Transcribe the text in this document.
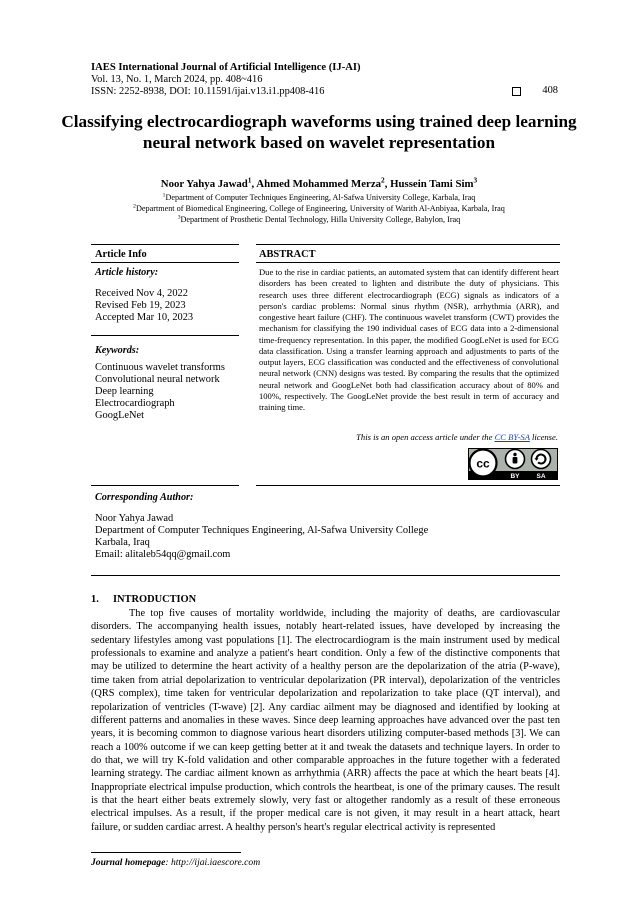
IAES International Journal of Artificial Intelligence (IJ-AI)
Vol. 13, No. 1, March 2024, pp. 408~416
ISSN: 2252-8938, DOI: 10.11591/ijai.v13.i1.pp408-416	408
Classifying electrocardiograph waveforms using trained deep learning neural network based on wavelet representation
Noor Yahya Jawad$^1$, Ahmed Mohammed Merza$^2$, Hussein Tami Sim$^3$
$^1$Department of Computer Techniques Engineering, Al-Safwa University College, Karbala, Iraq
$^2$Department of Biomedical Engineering, College of Engineering, University of Warith Al-Anbiyaa, Karbala, Iraq
$^3$Department of Prosthetic Dental Technology, Hilla University College, Babylon, Iraq
Article Info	ABSTRACT
Article history:
Received Nov 4, 2022
Revised Feb 19, 2023
Accepted Mar 10, 2023
Keywords:
Continuous wavelet transforms
Convolutional neural network
Deep learning
Electrocardiograph
GoogLeNet

Due to the rise in cardiac patients, an automated system that can identify different heart disorders has been created to lighten and distribute the duty of physicians. This research uses three different electrocardiograph (ECG) signals as indicators of a person's cardiac problems: Normal sinus rhythm (NSR), arrhythmia (ARR), and congestive heart failure (CHF). The continuous wavelet transform (CWT) provides the mechanism for classifying the 190 individual cases of ECG data into a 2-dimensional time-frequency representation. In this paper, the modified GoogLeNet is used for ECG data classification. Using a transfer learning approach and adjustments to parts of the output layers, ECG classification was conducted and the effectiveness of convolutional neural network (CNN) designs was tested. By comparing the results that the optimized neural network and GoogLeNet both had classification accuracy about of 80% and 100%, respectively. The GoogLeNet provide the best result in term of accuracy and training time.

This is an open access article under the CC BY-SA license.
cc
BY	SA
Corresponding Author:
Noor Yahya Jawad
Department of Computer Techniques Engineering, Al-Safwa University College
Karbala, Iraq
Email: alitaleb54qq@gmail.com
1. INTRODUCTION

The top five causes of mortality worldwide, including the majority of deaths, are cardiovascular disorders. The accompanying health issues, notably heart-related issues, have developed by increasing the sedentary lifestyles among vast populations [1]. The electrocardiogram is the main instrument used by medical professionals to examine and analyze a patient's heart condition. Only a few of the distinctive components that may be utilized to determine the heart activity of a healthy person are the depolarization of the atria (P-wave), time taken from atrial depolarization to ventricular depolarization (PR interval), depolarization of the ventricles (QRS complex), time taken for ventricular depolarization and repolarization to take place (QT interval), and repolarization of ventricles (T-wave) [2]. Any cardiac ailment may be diagnosed and identified by looking at different patterns and anomalies in these waves. Since deep learning approaches have advanced over the past ten years, it is becoming common to diagnose various heart disorders utilizing computer-based methods [3]. We can reach a 100% outcome if we can keep getting better at it and tweak the datasets and technique layers. In order to do that, we will try K-fold validation and other comparable approaches in the future together with a federated learning strategy. The cardiac ailment known as arrhythmia (ARR) affects the pace at which the heart beats [4]. Inappropriate electrical impulse production, which controls the heartbeat, is one of the primary causes. The result is that the heart either beats extremely slowly, very fast or altogether randomly as a result of these erroneous electrical impulses. As a result, if the proper medical care is not given, it may result in a heart attack, heart failure, or sudden cardiac arrest. A healthy person's heart's regular electrical activity is represented

Journal homepage: http://ijai.iaescore.com
